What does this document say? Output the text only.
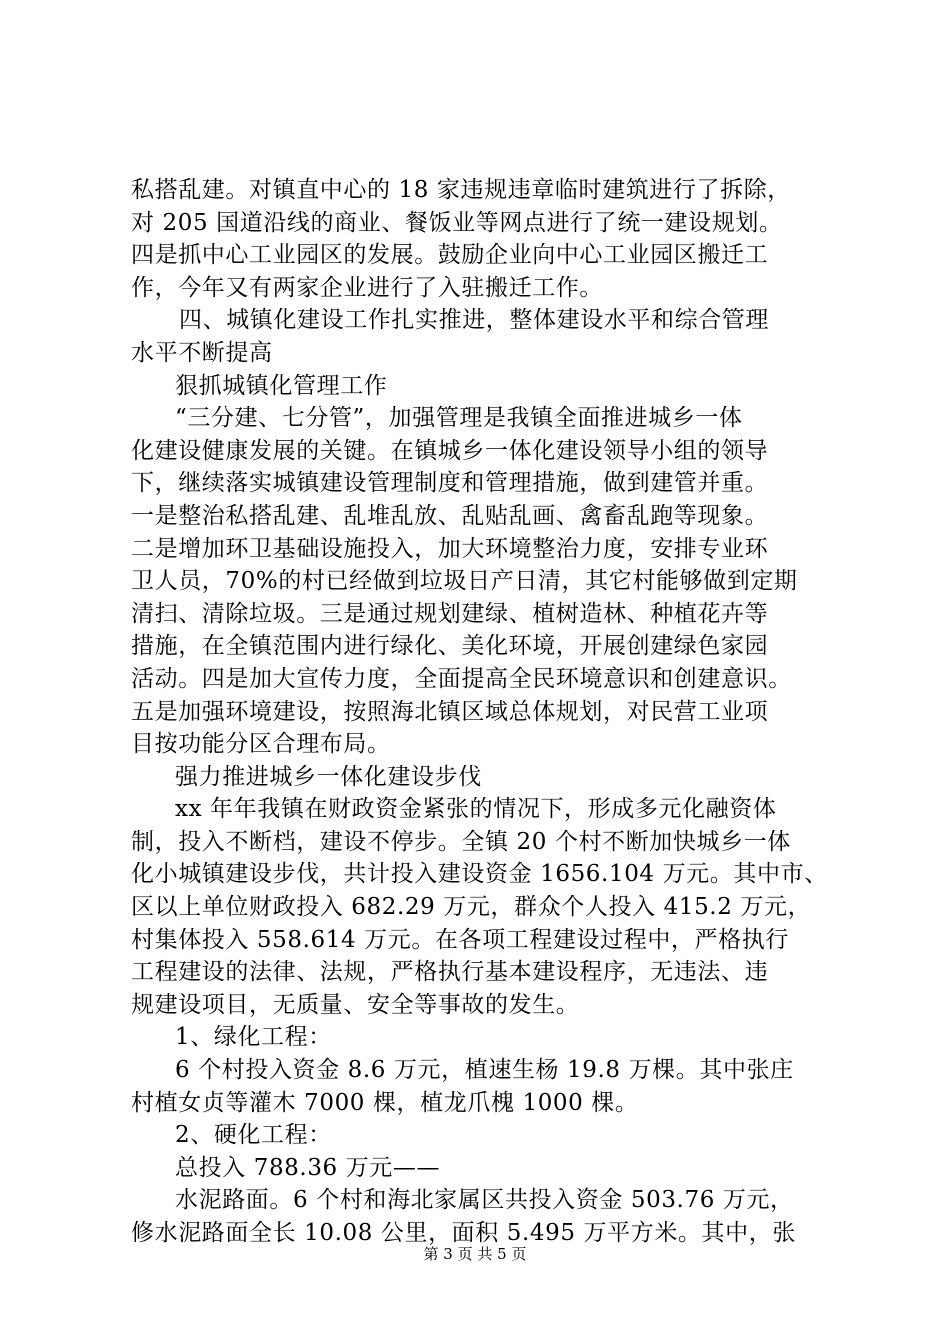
私搭乱建。对镇直中心的 18 家违规违章临时建筑进行了拆除，
对 205 国道沿线的商业、餐饭业等网点进行了统一建设规划。
四是抓中心工业园区的发展。鼓励企业向中心工业园区搬迁工
作，今年又有两家企业进行了入驻搬迁工作。
四、城镇化建设工作扎实推进，整体建设水平和综合管理
水平不断提高
狠抓城镇化管理工作
“三分建、七分管”，加强管理是我镇全面推进城乡一体
化建设健康发展的关键。在镇城乡一体化建设领导小组的领导
下，继续落实城镇建设管理制度和管理措施，做到建管并重。
一是整治私搭乱建、乱堆乱放、乱贴乱画、禽畜乱跑等现象。
二是增加环卫基础设施投入，加大环境整治力度，安排专业环
卫人员，70%的村已经做到垃圾日产日清，其它村能够做到定期
清扫、清除垃圾。三是通过规划建绿、植树造林、种植花卉等
措施，在全镇范围内进行绿化、美化环境，开展创建绿色家园
活动。四是加大宣传力度，全面提高全民环境意识和创建意识。
五是加强环境建设，按照海北镇区域总体规划，对民营工业项
目按功能分区合理布局。
强力推进城乡一体化建设步伐
xx 年年我镇在财政资金紧张的情况下，形成多元化融资体
制，投入不断档，建设不停步。全镇 20 个村不断加快城乡一体
化小城镇建设步伐，共计投入建设资金 1656.104 万元。其中市、
区以上单位财政投入 682.29 万元，群众个人投入 415.2 万元，
村集体投入 558.614 万元。在各项工程建设过程中，严格执行
工程建设的法律、法规，严格执行基本建设程序，无违法、违
规建设项目，无质量、安全等事故的发生。
1、绿化工程：
6 个村投入资金 8.6 万元，植速生杨 19.8 万棵。其中张庄
村植女贞等灌木 7000 棵，植龙爪槐 1000 棵。
2、硬化工程：
总投入 788.36 万元——
水泥路面。6 个村和海北家属区共投入资金 503.76 万元，
修水泥路面全长 10.08 公里，面积 5.495 万平方米。其中，张
第 3 页 共 5 页
